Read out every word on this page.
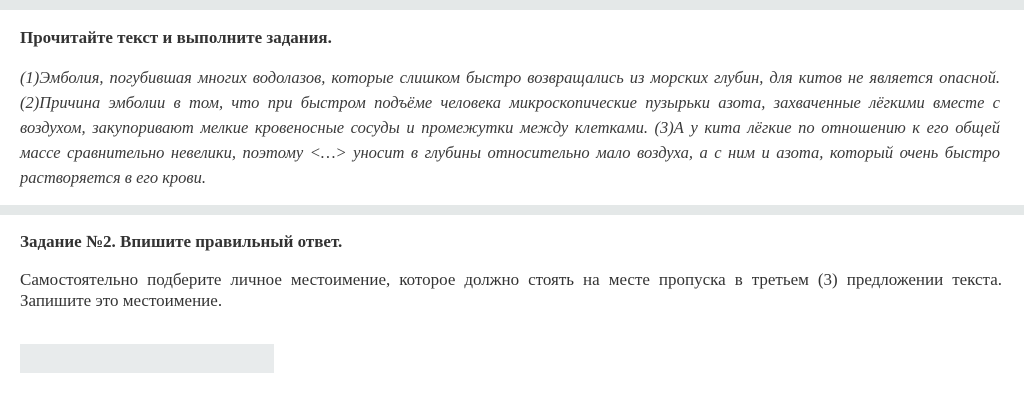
Прочитайте текст и выполните задания.

(1)Эмболия, погубившая многих водолазов, которые слишком быстро возвращались из морских глубин, для китов не является опасной. (2)Причина эмболии в том, что при быстром подъёме человека микроскопические пузырьки азота, захваченные лёгкими вместе с воздухом, закупоривают мелкие кровеносные сосуды и промежутки между клетками. (3)А у кита лёгкие по отношению к его общей массе сравнительно невелики, поэтому <…> уносит в глубины относительно мало воздуха, а с ним и азота, который очень быстро растворяется в его крови.

Задание №2. Впишите правильный ответ.

Самостоятельно подберите личное местоимение, которое должно стоять на месте пропуска в третьем (3) предложении текста. Запишите это местоимение.
